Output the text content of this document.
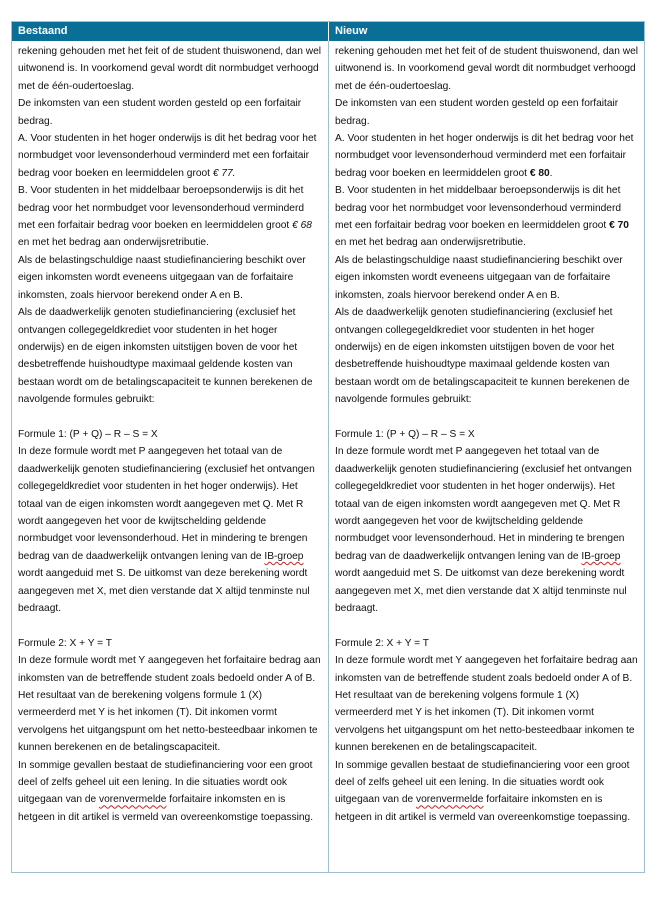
Bestaand	Nieuw

rekening gehouden met het feit of de student thuiswonend, dan wel uitwonend is. In voorkomend geval wordt dit normbudget verhoogd met de één-oudertoeslag.

De inkomsten van een student worden gesteld op een forfaitair bedrag.

A. Voor studenten in het hoger onderwijs is dit het bedrag voor het normbudget voor levensonderhoud verminderd met een forfaitair bedrag voor boeken en leermiddelen groot € 77.

B. Voor studenten in het middelbaar beroepsonderwijs is dit het bedrag voor het normbudget voor levensonderhoud verminderd met een forfaitair bedrag voor boeken en leermiddelen groot € 68 en met het bedrag aan onderwijsretributie.

Als de belastingschuldige naast studiefinanciering beschikt over eigen inkomsten wordt eveneens uitgegaan van de forfaitaire inkomsten, zoals hiervoor berekend onder A en B.

Als de daadwerkelijk genoten studiefinanciering (exclusief het ontvangen collegegeldkrediet voor studenten in het hoger onderwijs) en de eigen inkomsten uitstijgen boven de voor het desbetreffende huishoudtype maximaal geldende kosten van bestaan wordt om de betalingscapaciteit te kunnen berekenen de navolgende formules gebruikt:

Formule 1: (P + Q) – R – S = X

In deze formule wordt met P aangegeven het totaal van de daadwerkelijk genoten studiefinanciering (exclusief het ontvangen collegegeldkrediet voor studenten in het hoger onderwijs). Het totaal van de eigen inkomsten wordt aangegeven met Q. Met R wordt aangegeven het voor de kwijtschelding geldende normbudget voor levensonderhoud. Het in mindering te brengen bedrag van de daadwerkelijk ontvangen lening van de IB-groep wordt aangeduid met S. De uitkomst van deze berekening wordt aangegeven met X, met dien verstande dat X altijd tenminste nul bedraagt.

Formule 2: X + Y = T

In deze formule wordt met Y aangegeven het forfaitaire bedrag aan inkomsten van de betreffende student zoals bedoeld onder A of B. Het resultaat van de berekening volgens formule 1 (X) vermeerderd met Y is het inkomen (T). Dit inkomen vormt vervolgens het uitgangspunt om het netto-besteedbaar inkomen te kunnen berekenen en de betalingscapaciteit.

In sommige gevallen bestaat de studiefinanciering voor een groot deel of zelfs geheel uit een lening. In die situaties wordt ook uitgegaan van de vorenvermelde forfaitaire inkomsten en is hetgeen in dit artikel is vermeld van overeenkomstige toepassing.

rekening gehouden met het feit of de student thuiswonend, dan wel uitwonend is. In voorkomend geval wordt dit normbudget verhoogd met de één-oudertoeslag.

De inkomsten van een student worden gesteld op een forfaitair bedrag.

A. Voor studenten in het hoger onderwijs is dit het bedrag voor het normbudget voor levensonderhoud verminderd met een forfaitair bedrag voor boeken en leermiddelen groot € 80.

B. Voor studenten in het middelbaar beroepsonderwijs is dit het bedrag voor het normbudget voor levensonderhoud verminderd met een forfaitair bedrag voor boeken en leermiddelen groot € 70 en met het bedrag aan onderwijsretributie.

Als de belastingschuldige naast studiefinanciering beschikt over eigen inkomsten wordt eveneens uitgegaan van de forfaitaire inkomsten, zoals hiervoor berekend onder A en B.

Als de daadwerkelijk genoten studiefinanciering (exclusief het ontvangen collegegeldkrediet voor studenten in het hoger onderwijs) en de eigen inkomsten uitstijgen boven de voor het desbetreffende huishoudtype maximaal geldende kosten van bestaan wordt om de betalingscapaciteit te kunnen berekenen de navolgende formules gebruikt:

Formule 1: (P + Q) – R – S = X

In deze formule wordt met P aangegeven het totaal van de daadwerkelijk genoten studiefinanciering (exclusief het ontvangen collegegeldkrediet voor studenten in het hoger onderwijs). Het totaal van de eigen inkomsten wordt aangegeven met Q. Met R wordt aangegeven het voor de kwijtschelding geldende normbudget voor levensonderhoud. Het in mindering te brengen bedrag van de daadwerkelijk ontvangen lening van de IB-groep wordt aangeduid met S. De uitkomst van deze berekening wordt aangegeven met X, met dien verstande dat X altijd tenminste nul bedraagt.

Formule 2: X + Y = T

In deze formule wordt met Y aangegeven het forfaitaire bedrag aan inkomsten van de betreffende student zoals bedoeld onder A of B. Het resultaat van de berekening volgens formule 1 (X) vermeerderd met Y is het inkomen (T). Dit inkomen vormt vervolgens het uitgangspunt om het netto-besteedbaar inkomen te kunnen berekenen en de betalingscapaciteit.

In sommige gevallen bestaat de studiefinanciering voor een groot deel of zelfs geheel uit een lening. In die situaties wordt ook uitgegaan van de vorenvermelde forfaitaire inkomsten en is hetgeen in dit artikel is vermeld van overeenkomstige toepassing.
